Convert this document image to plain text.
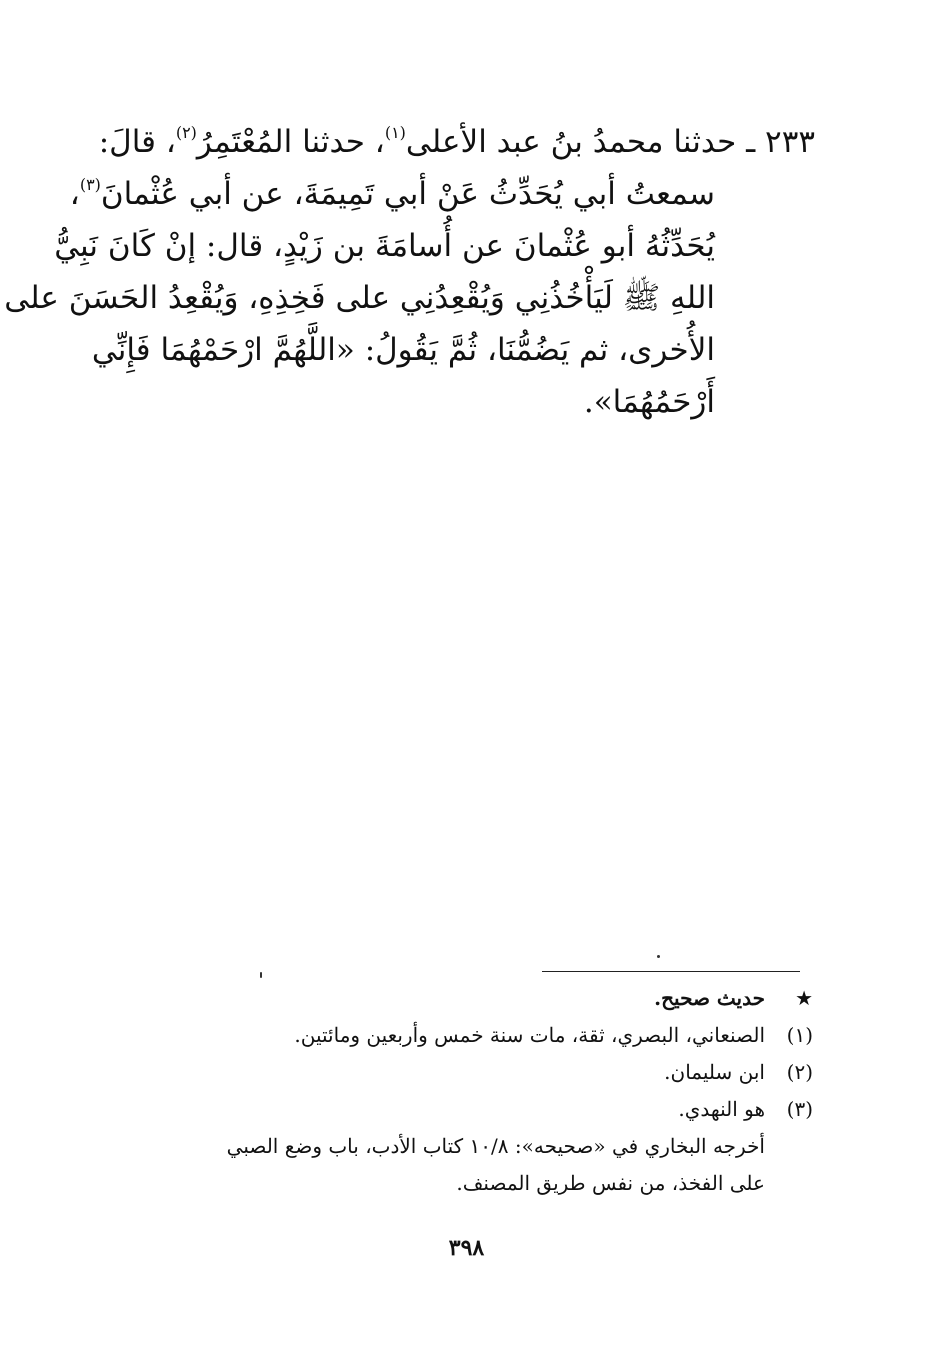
٢٣٣ ـ حدثنا محمدُ بنُ عبد الأعلى$^{(١)}$، حدثنا المُعْتَمِرُ$^{(٢)}$، قالَ:
سمعتُ أبي يُحَدِّثُ عَنْ أبي تَمِيمَةَ، عن أبي عُثْمانَ$^{(٣)}$،
يُحَدِّثُهُ أبو عُثْمانَ عن أُسامَةَ بن زَيْدٍ، قال: إنْ كَانَ نَبِيُّ
اللهِ ﷺ لَيَأْخُذُنِي وَيُقْعِدُنِي على فَخِذِهِ، وَيُقْعِدُ الحَسَنَ على
الأُخرى، ثم يَضُمُّنَا، ثُمَّ يَقُولُ: «اللَّهُمَّ ارْحَمْهُمَا فَإِنِّي
أَرْحَمُهُمَا».
★حديث صحيح.
(١)الصنعاني، البصري، ثقة، مات سنة خمس وأربعين ومائتين.
(٢)ابن سليمان.
(٣)هو النهدي.
أخرجه البخاري في «صحيحه»: ١٠/٨ كتاب الأدب، باب وضع الصبي
على الفخذ، من نفس طريق المصنف.
٣٩٨
